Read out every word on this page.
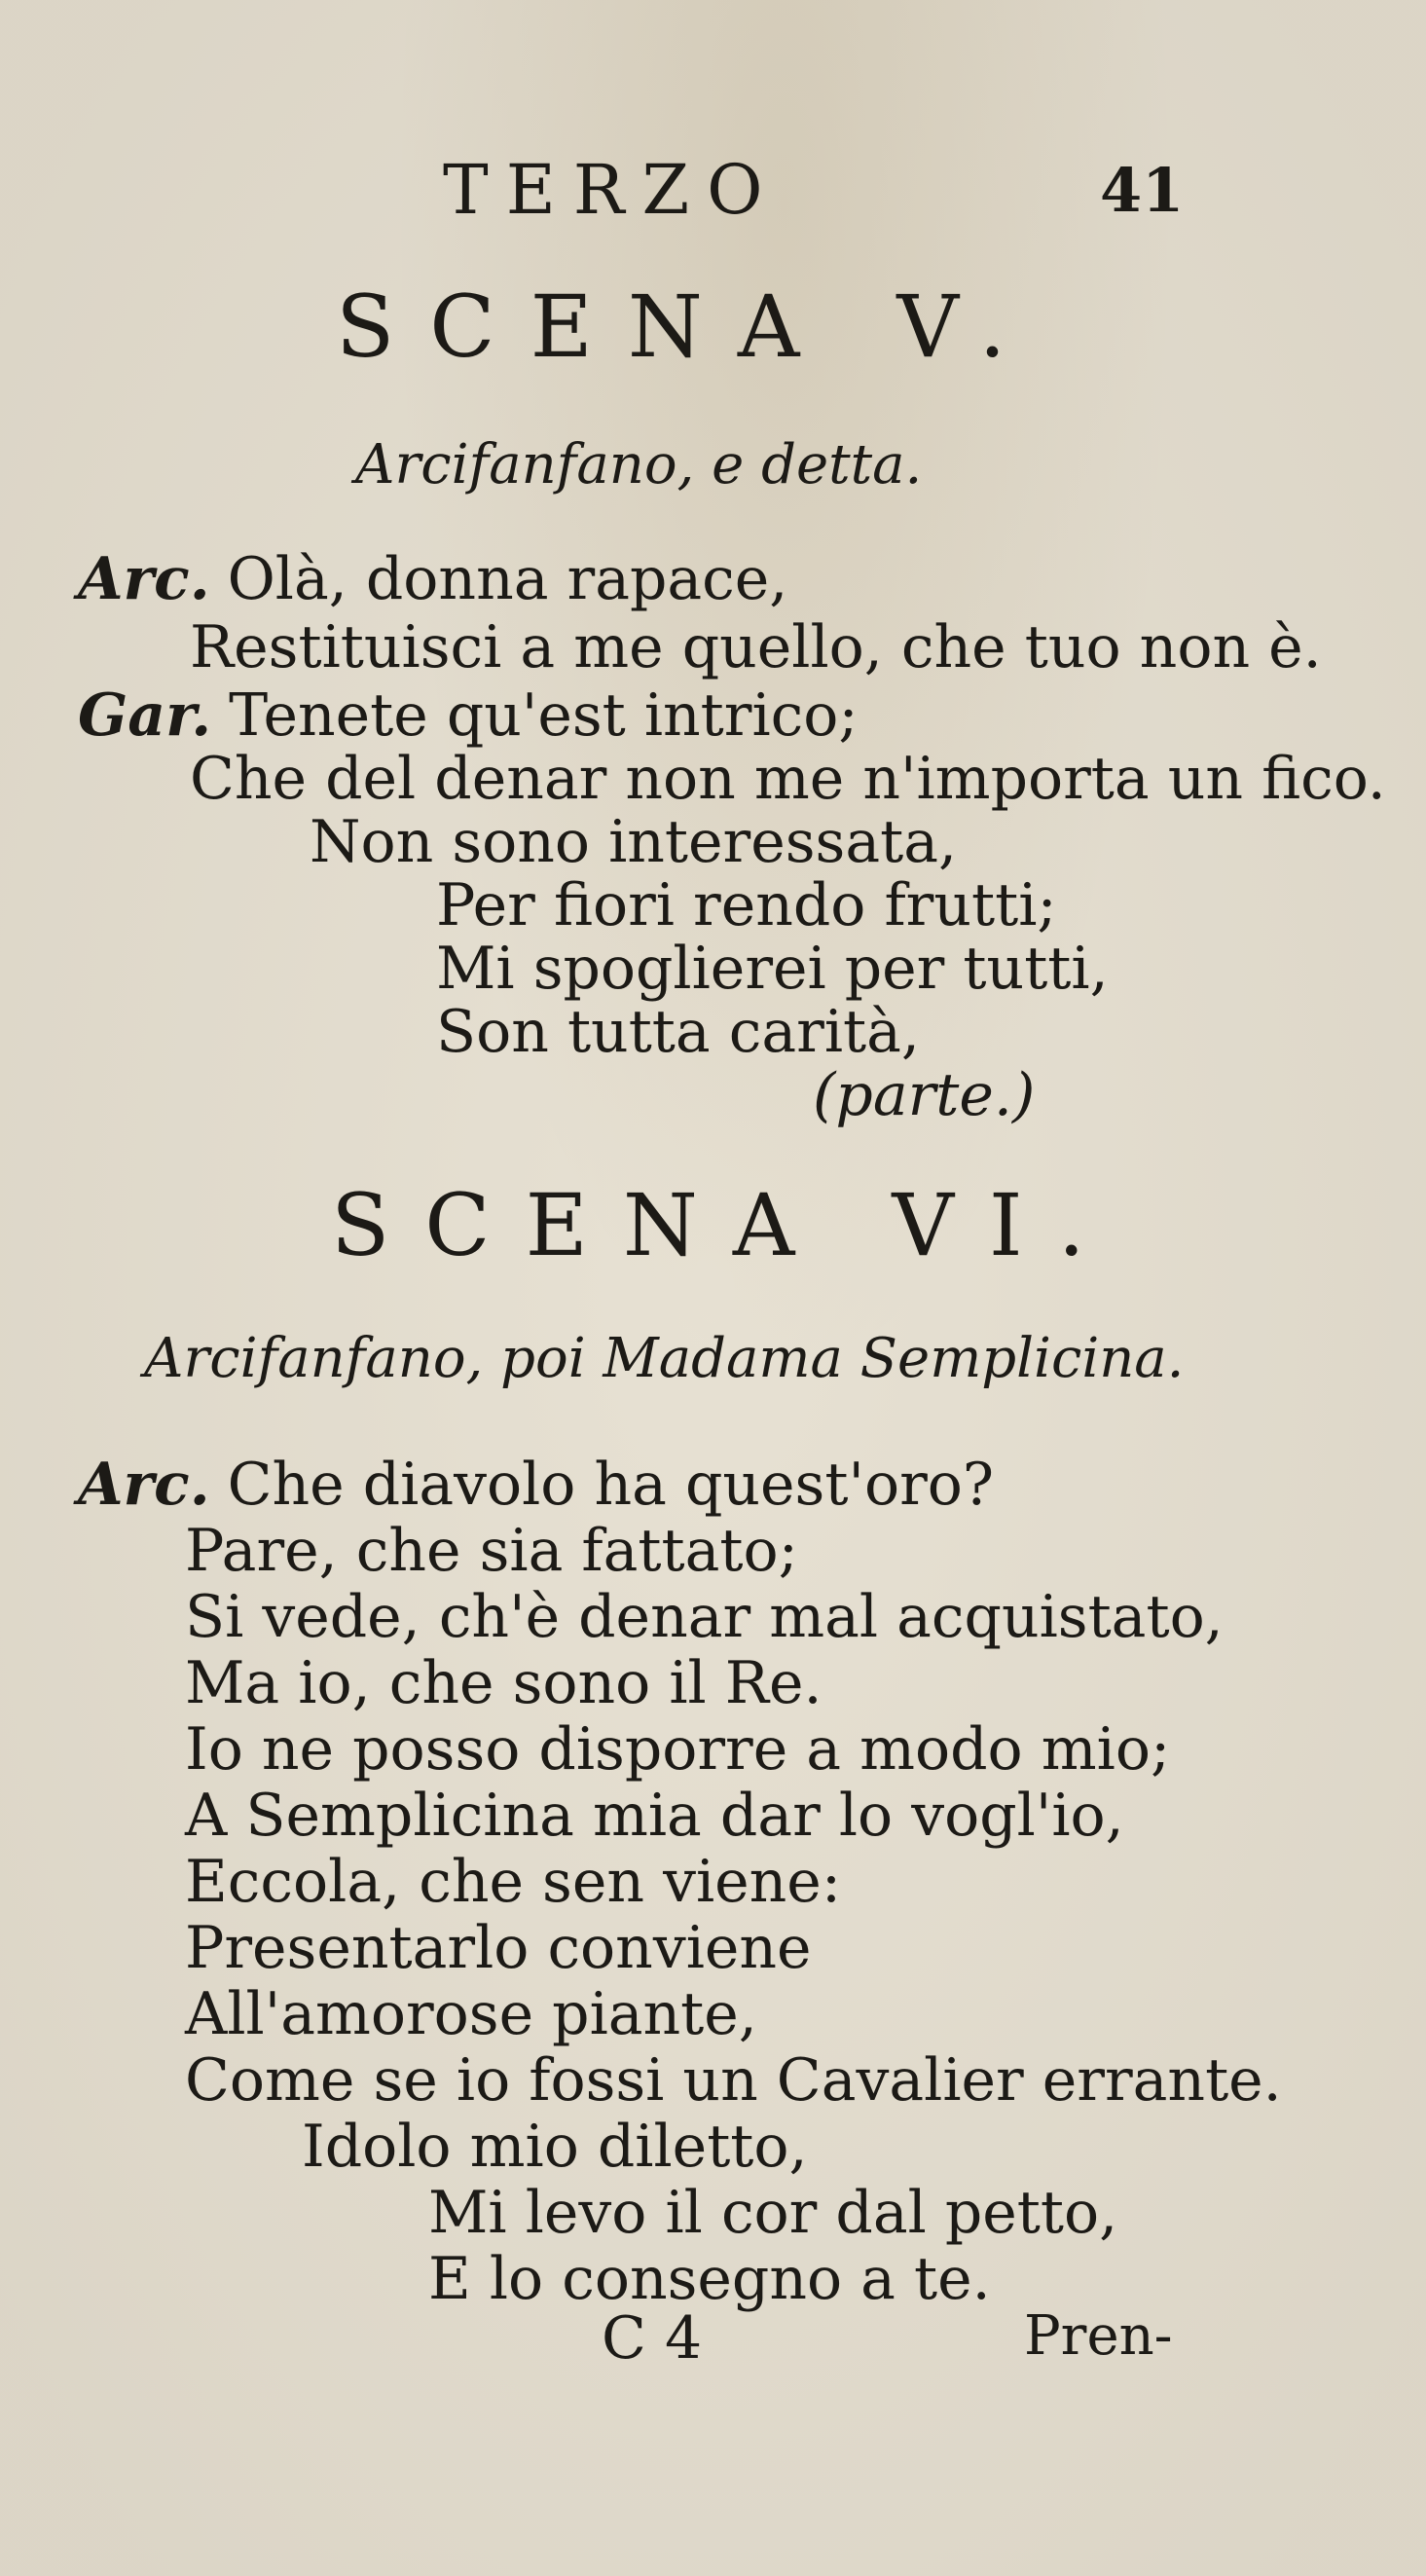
TERZO	41
SCENA V.
Arcifanfano, e detta.
Arc. Olà, donna rapace,
Restituisci a me quello, che tuo non è.
Gar. Tenete qu'est intrico;
Che del denar non me n'importa un fico.
Non sono interessata,
Per fiori rendo frutti;
Mi spoglierei per tutti,
Son tutta carità,
(parte.)
SCENA VI.
Arcifanfano, poi Madama Semplicina.
Arc. Che diavolo ha quest'oro?
Pare, che sia fattato;
Si vede, ch'è denar mal acquistato,
Ma io, che sono il Re.
Io ne posso disporre a modo mio;
A Semplicina mia dar lo vogl'io,
Eccola, che sen viene:
Presentarlo conviene
All'amorose piante,
Come se io fossi un Cavalier errante.
Idolo mio diletto,
Mi levo il cor dal petto,
E lo consegno a te.
C 4	Pren-
